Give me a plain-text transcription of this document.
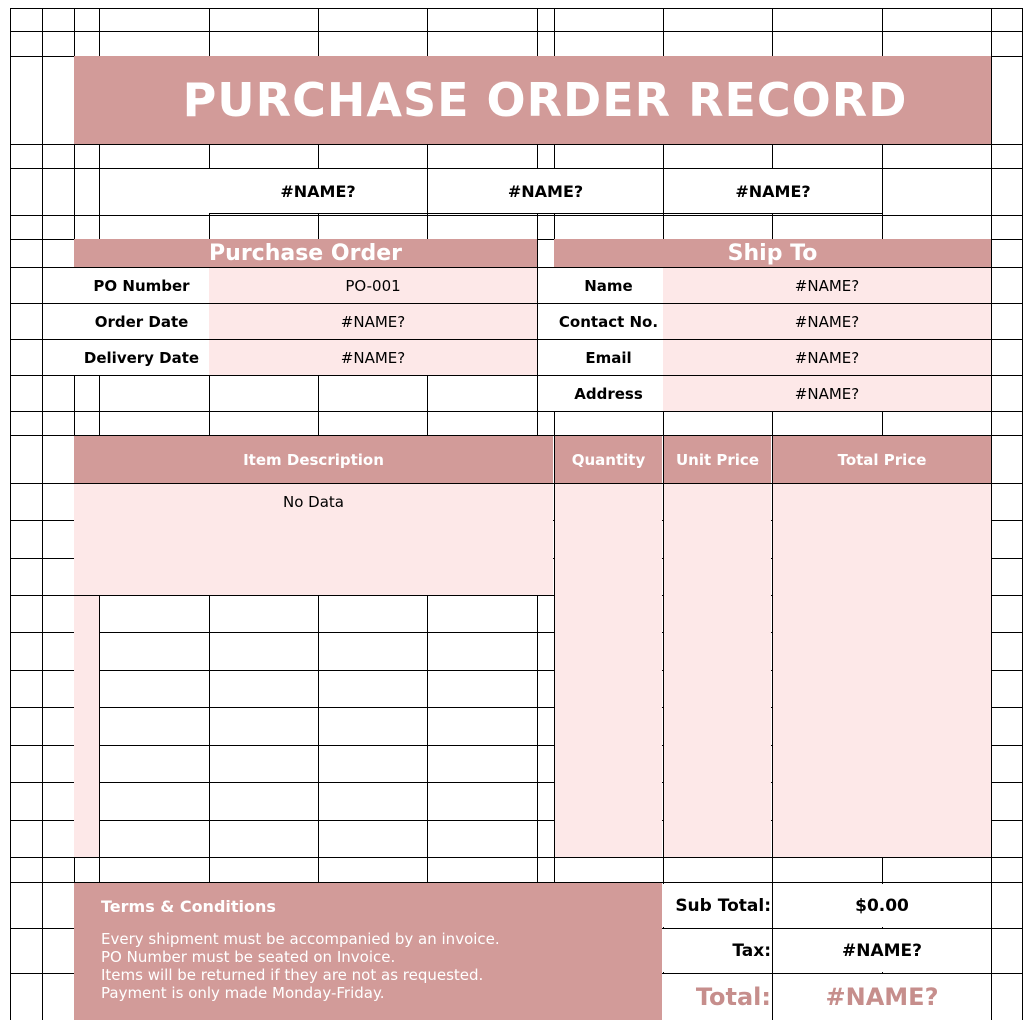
PURCHASE ORDER RECORD
#NAME?	#NAME?	#NAME?
Purchase Order
PO Number	PO-001
Order Date	#NAME?
Delivery Date	#NAME?
Ship To
Name	#NAME?
Contact No.	#NAME?
Email	#NAME?
Address	#NAME?
Item Description	Quantity	Unit Price	Total Price
No Data
Terms & Conditions
Every shipment must be accompanied by an invoice.
PO Number must be seated on Invoice.
Items will be returned if they are not as requested.
Payment is only made Monday-Friday.
Sub Total:	$0.00
Tax:	#NAME?
Total:	#NAME?
